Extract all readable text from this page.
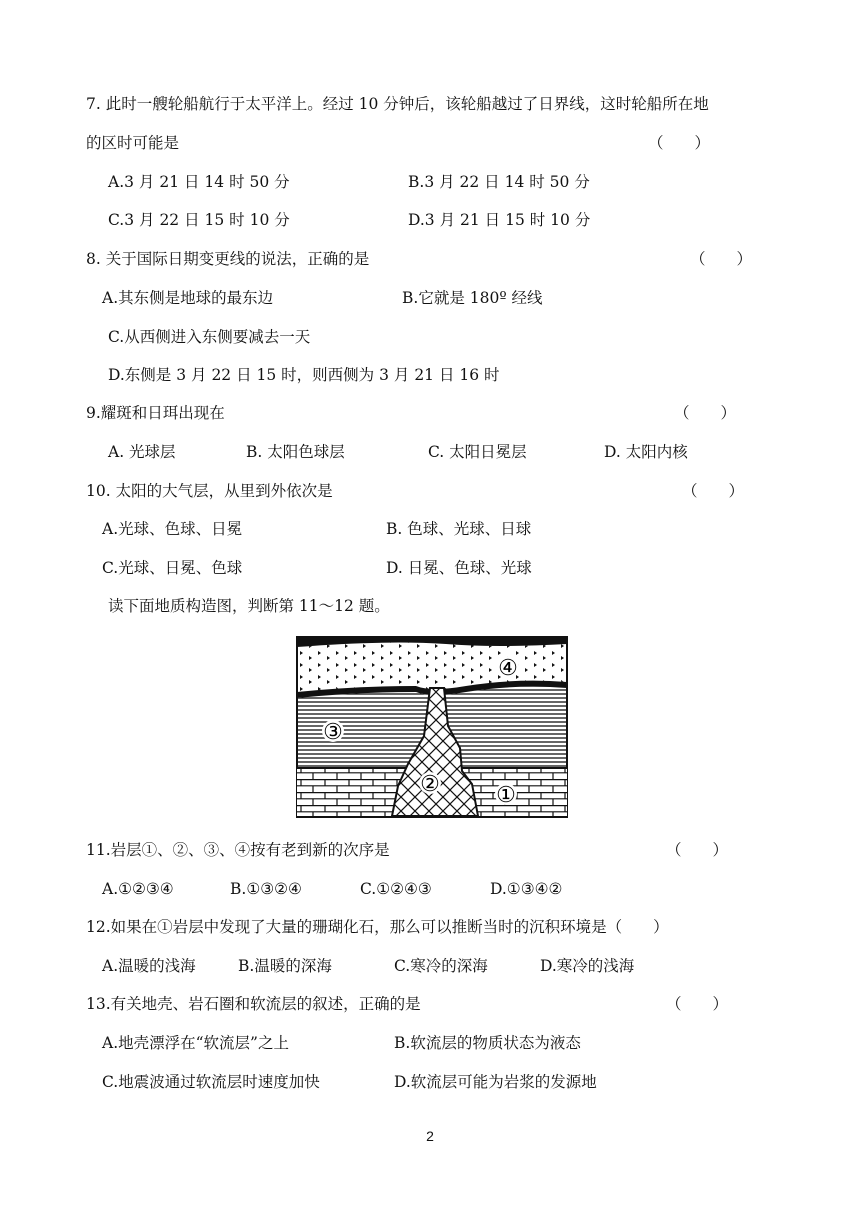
7. 此时一艘轮船航行于太平洋上。经过 10 分钟后，该轮船越过了日界线，这时轮船所在地
的区时可能是	（　　）
A.3 月 21 日 14 时 50 分	B.3 月 22 日 14 时 50 分
C.3 月 22 日 15 时 10 分	D.3 月 21 日 15 时 10 分
8. 关于国际日期变更线的说法，正确的是	（　　）
A.其东侧是地球的最东边	B.它就是 180º 经线
C.从西侧进入东侧要减去一天
D.东侧是 3 月 22 日 15 时，则西侧为 3 月 21 日 16 时
9.耀斑和日珥出现在	（　　）
A. 光球层	B. 太阳色球层	C. 太阳日冕层	D. 太阳内核
10. 太阳的大气层，从里到外依次是	（　　）
A.光球、色球、日冕	B. 色球、光球、日球
C.光球、日冕、色球	D. 日冕、色球、光球
读下面地质构造图，判断第 11～12 题。
④
③
②	①
11.岩层①、②、③、④按有老到新的次序是	（　　）
A.①②③④	B.①③②④	C.①②④③	D.①③④②
12.如果在①岩层中发现了大量的珊瑚化石，那么可以推断当时的沉积环境是（　　）
A.温暖的浅海	B.温暖的深海	C.寒冷的深海	D.寒冷的浅海
13.有关地壳、岩石圈和软流层的叙述，正确的是	（　　）
A.地壳漂浮在“软流层”之上	B.软流层的物质状态为液态
C.地震波通过软流层时速度加快	D.软流层可能为岩浆的发源地
2
